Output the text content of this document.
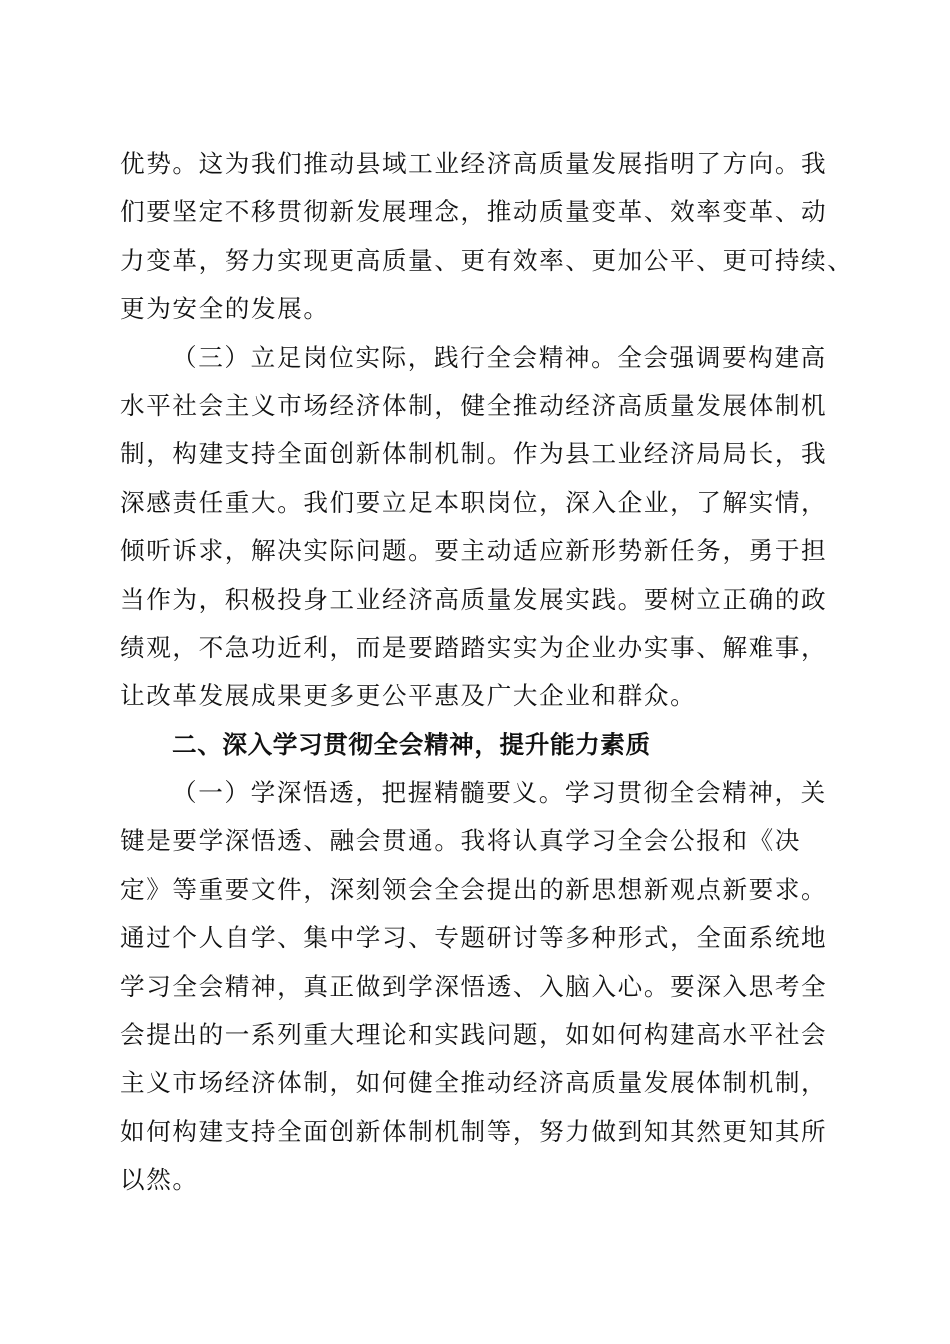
优势。这为我们推动县域工业经济高质量发展指明了方向。我
们要坚定不移贯彻新发展理念，推动质量变革、效率变革、动
力变革，努力实现更高质量、更有效率、更加公平、更可持续、
更为安全的发展。
（三）立足岗位实际，践行全会精神。全会强调要构建高
水平社会主义市场经济体制，健全推动经济高质量发展体制机
制，构建支持全面创新体制机制。作为县工业经济局局长，我
深感责任重大。我们要立足本职岗位，深入企业，了解实情，
倾听诉求，解决实际问题。要主动适应新形势新任务，勇于担
当作为，积极投身工业经济高质量发展实践。要树立正确的政
绩观，不急功近利，而是要踏踏实实为企业办实事、解难事，
让改革发展成果更多更公平惠及广大企业和群众。
二、深入学习贯彻全会精神，提升能力素质
（一）学深悟透，把握精髓要义。学习贯彻全会精神，关
键是要学深悟透、融会贯通。我将认真学习全会公报和《决
定》等重要文件，深刻领会全会提出的新思想新观点新要求。
通过个人自学、集中学习、专题研讨等多种形式，全面系统地
学习全会精神，真正做到学深悟透、入脑入心。要深入思考全
会提出的一系列重大理论和实践问题，如如何构建高水平社会
主义市场经济体制，如何健全推动经济高质量发展体制机制，
如何构建支持全面创新体制机制等，努力做到知其然更知其所
以然。
